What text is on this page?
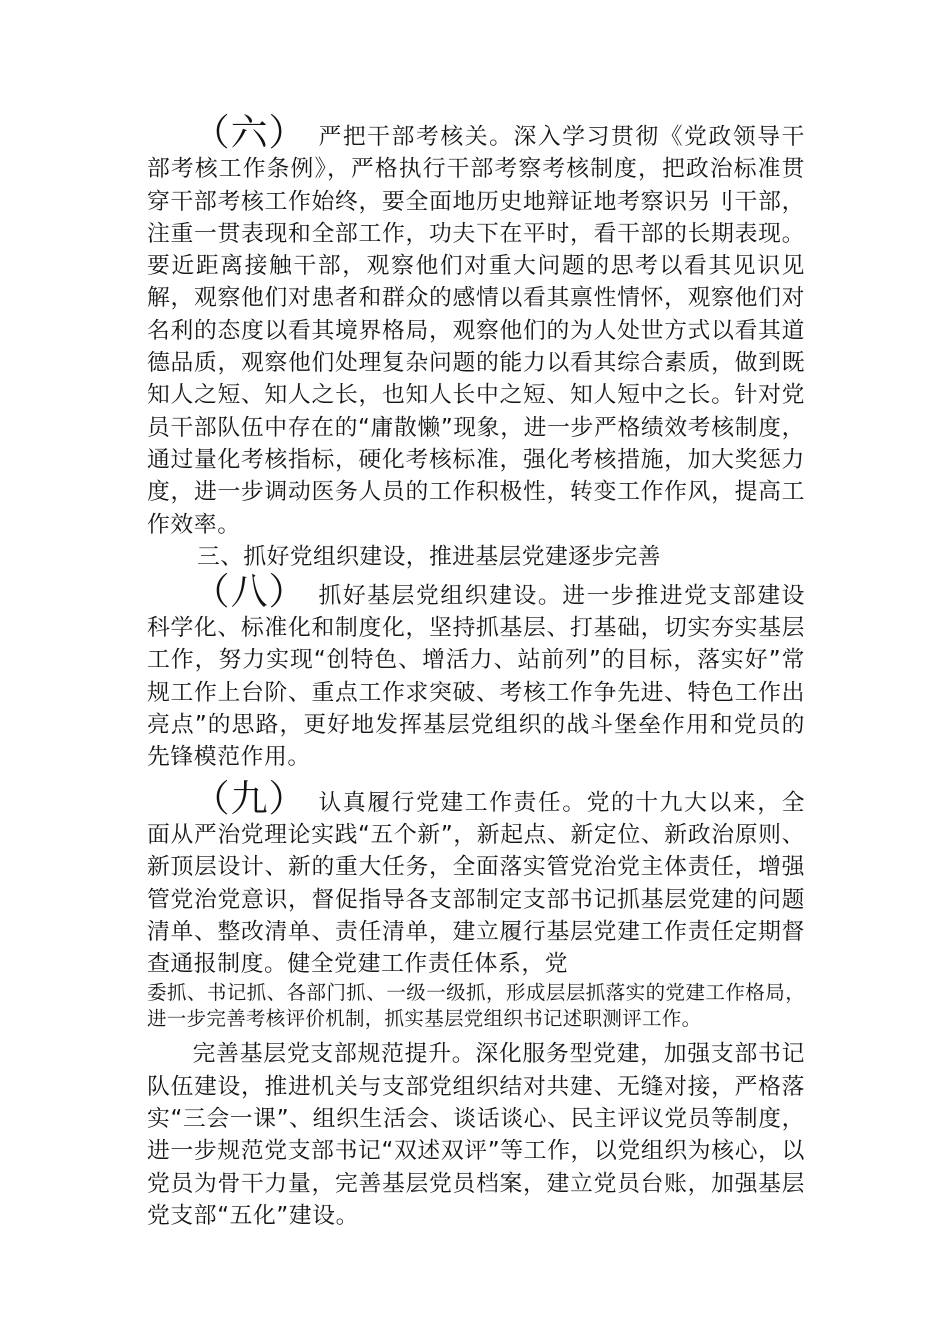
（六） 严把干部考核关。深入学习贯彻《党政领导干部考核工作条例》，严格执行干部考察考核制度，把政治标准贯穿干部考核工作始终，要全面地历史地辩证地考察识另刂干部，注重一贯表现和全部工作，功夫下在平时，看干部的长期表现。要近距离接触干部，观察他们对重大问题的思考以看其见识见解，观察他们对患者和群众的感情以看其禀性情怀，观察他们对名利的态度以看其境界格局，观察他们的为人处世方式以看其道德品质，观察他们处理复杂问题的能力以看其综合素质，做到既知人之短、知人之长，也知人长中之短、知人短中之长。针对党员干部队伍中存在的“庸散懒”现象，进一步严格绩效考核制度，通过量化考核指标，硬化考核标准，强化考核措施，加大奖惩力度，进一步调动医务人员的工作积极性，转变工作作风，提高工作效率。

三、抓好党组织建设，推进基层党建逐步完善

（八） 抓好基层党组织建设。进一步推进党支部建设科学化、标准化和制度化，坚持抓基层、打基础，切实夯实基层工作，努力实现“创特色、增活力、站前列”的目标，落实好”常规工作上台阶、重点工作求突破、考核工作争先进、特色工作出亮点”的思路，更好地发挥基层党组织的战斗堡垒作用和党员的先锋模范作用。

（九） 认真履行党建工作责任。党的十九大以来，全面从严治党理论实践“五个新”，新起点、新定位、新政治原则、新顶层设计、新的重大任务，全面落实管党治党主体责任，增强管党治党意识，督促指导各支部制定支部书记抓基层党建的问题清单、整改清单、责任清单，建立履行基层党建工作责任定期督查通报制度。健全党建工作责任体系，党

委抓、书记抓、各部门抓、一级一级抓，形成层层抓落实的党建工作格局，进一步完善考核评价机制，抓实基层党组织书记述职测评工作。

完善基层党支部规范提升。深化服务型党建，加强支部书记队伍建设，推进机关与支部党组织结对共建、无缝对接，严格落实“三会一课”、组织生活会、谈话谈心、民主评议党员等制度，进一步规范党支部书记“双述双评”等工作，以党组织为核心，以党员为骨干力量，完善基层党员档案，建立党员台账，加强基层党支部“五化”建设。
